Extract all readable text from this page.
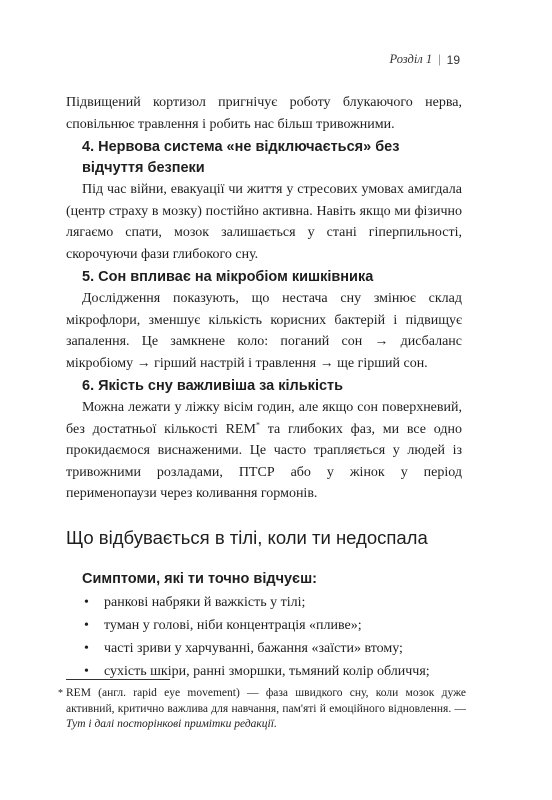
Розділ 1 | 19

Підвищений кортизол пригнічує роботу блукаючого нерва, сповільнює травлення і робить нас більш тривожними.

4. Нервова система «не відключається» без відчуття безпеки

Під час війни, евакуації чи життя у стресових умовах амигдала (центр страху в мозку) постійно активна. Навіть якщо ми фізично лягаємо спати, мозок залишається у стані гіперпильності, скорочуючи фази глибокого сну.

5. Сон впливає на мікробіом кишківника

Дослідження показують, що нестача сну змінює склад мікрофлори, зменшує кількість корисних бактерій і підвищує запалення. Це замкнене коло: поганий сон → дисбаланс мікробіому → гірший настрій і травлення → ще гірший сон.

6. Якість сну важливіша за кількість

Можна лежати у ліжку вісім годин, але якщо сон поверхневий, без достатньої кількості REM* та глибоких фаз, ми все одно прокидаємося виснаженими. Це часто трапляється у людей із тривожними розладами, ПТСР або у жінок у період перименопаузи через коливання гормонів.

Що відбувається в тілі, коли ти недоспала
Симптоми, які ти точно відчуєш:
• ранкові набряки й важкість у тілі;
• туман у голові, ніби концентрація «пливе»;
• часті зриви у харчуванні, бажання «заїсти» втому;
• сухість шкіри, ранні зморшки, тьмяний колір обличчя;
* REM (англ. rapid eye movement) — фаза швидкого сну, коли мозок дуже активний, критично важлива для навчання, пам'яті й емоційного відновлення. — Тут і далі посторінкові примітки редакції.
